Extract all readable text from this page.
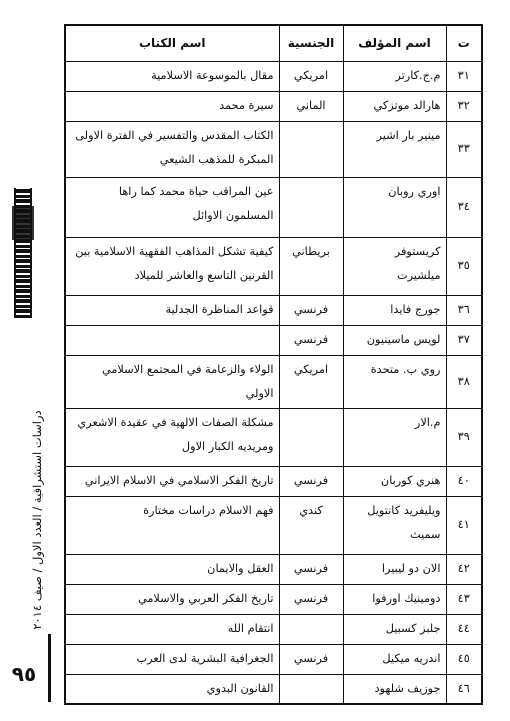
دراسات استشراقية / العدد الاول / صيف ٢٠١٤
٩٥
ت	اسم المؤلف	الجنسية	اسم الكتاب
٣١	م.ج.كارتر	امريكي	مقال بالموسوعة الاسلامية
٣٢	هارالد موتزكي	الماني	سيرة محمد
٣٣	مينير بار اشير		الكتاب المقدس والتفسير في الفترة الاولى المبكرة للمذهب الشيعي
٣٤	اوري روبان		عين المراقب حياة محمد كما راها المسلمون الاوائل
٣٥	كريستوفر ميلشيرت	بريطاني	كيفية تشكل المذاهب الفقهية الاسلامية بين القرنين التاسع والعاشر للميلاد
٣٦	جورج فايدا	فرنسي	قواعد المناظرة الجدلية
٣٧	لويس ماسينيون	فرنسي	
٣٨	روي ب. متحدة	امريكي	الولاء والزعامة في المجتمع الاسلامي الاولي
٣٩	م.الار		مشكلة الصفات الالهية في عقيدة الاشعري ومريديه الكبار الاول
٤٠	هنري كوربان	فرنسي	تاريخ الفكر الاسلامي في الاسلام الايراني
٤١	ويليفريد كانتويل سميث	كندي	فهم الاسلام دراسات مختارة
٤٢	الان دو ليبيرا	فرنسي	العقل والايمان
٤٣	دومينيك اورفوا	فرنسي	تاريخ الفكر العربي والاسلامي
٤٤	جلبز كسبيل		انتقام الله
٤٥	اندريه ميكيل	فرنسي	الجغرافية البشرية لدى العرب
٤٦	جوزيف شلهود		القانون البدوي
